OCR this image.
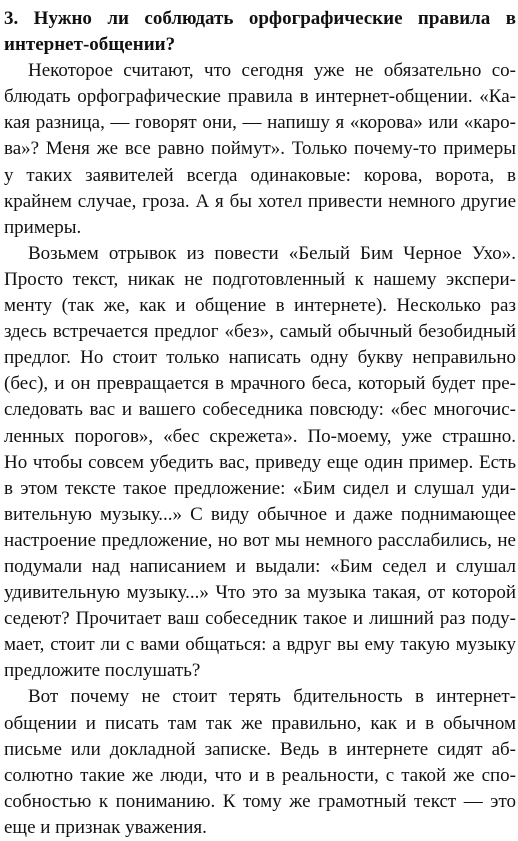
3. Нужно ли соблюдать орфографические правила в
интернет-общении?
Некоторое считают, что сегодня уже не обязательно со-
блюдать орфографические правила в интернет-общении. «Ка-
кая разница, — говорят они, — напишу я «корова» или «карo-
ва»? Меня же все равно поймут». Только почему-то примеры
у таких заявителей всегда одинаковые: корова, ворота, в
крайнем случае, гроза. А я бы хотел привести немного другие
примеры.
Возьмем отрывок из повести «Белый Бим Черное Ухо».
Просто текст, никак не подготовленный к нашему экспери-
менту (так же, как и общение в интернете). Несколько раз
здесь встречается предлог «без», самый обычный безобидный
предлог. Но стоит только написать одну букву неправильно
(бес), и он превращается в мрачного беса, который будет пре-
следовать вас и вашего собеседника повсюду: «бес многочис-
ленных порогов», «бес скрежета». По-моему, уже страшно.
Но чтобы совсем убедить вас, приведу еще один пример. Есть
в этом тексте такое предложение: «Бим сидел и слушал уди-
вительную музыку...» С виду обычное и даже поднимающее
настроение предложение, но вот мы немного расслабились, не
подумали над написанием и выдали: «Бим седел и слушал
удивительную музыку...» Что это за музыка такая, от которой
седеют? Прочитает ваш собеседник такое и лишний раз поду-
мает, стоит ли с вами общаться: а вдруг вы ему такую музыку
предложите послушать?
Вот почему не стоит терять бдительность в интернет-
общении и писать там так же правильно, как и в обычном
письме или докладной записке. Ведь в интернете сидят аб-
солютно такие же люди, что и в реальности, с такой же спо-
собностью к пониманию. К тому же грамотный текст — это
еще и признак уважения.
